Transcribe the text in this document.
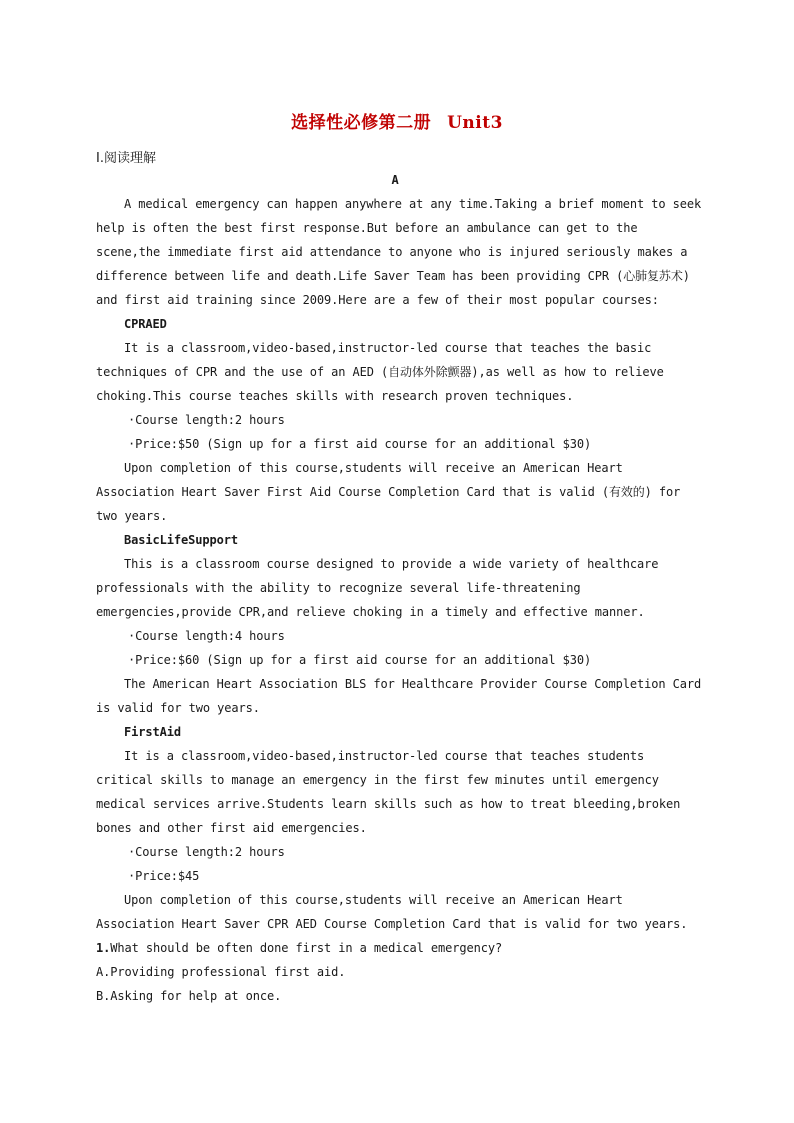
选择性必修第二册 Unit3
Ⅰ.阅读理解
A
A medical emergency can happen anywhere at any time.Taking a brief moment to seek
help is often the best first response.But before an ambulance can get to the
scene,the immediate first aid attendance to anyone who is injured seriously makes a
difference between life and death.Life Saver Team has been providing CPR (心肺复苏术)
and first aid training since 2009.Here are a few of their most popular courses:
CPRAED
It is a classroom,video-based,instructor-led course that teaches the basic
techniques of CPR and the use of an AED (自动体外除颤器),as well as how to relieve
choking.This course teaches skills with research proven techniques.
·Course length:2 hours
·Price:$50 (Sign up for a first aid course for an additional $30)
Upon completion of this course,students will receive an American Heart
Association Heart Saver First Aid Course Completion Card that is valid (有效的) for
two years.
BasicLifeSupport
This is a classroom course designed to provide a wide variety of healthcare
professionals with the ability to recognize several life-threatening
emergencies,provide CPR,and relieve choking in a timely and effective manner.
·Course length:4 hours
·Price:$60 (Sign up for a first aid course for an additional $30)
The American Heart Association BLS for Healthcare Provider Course Completion Card
is valid for two years.
FirstAid
It is a classroom,video-based,instructor-led course that teaches students
critical skills to manage an emergency in the first few minutes until emergency
medical services arrive.Students learn skills such as how to treat bleeding,broken
bones and other first aid emergencies.
·Course length:2 hours
·Price:$45
Upon completion of this course,students will receive an American Heart
Association Heart Saver CPR AED Course Completion Card that is valid for two years.
1.What should be often done first in a medical emergency?
A.Providing professional first aid.
B.Asking for help at once.
